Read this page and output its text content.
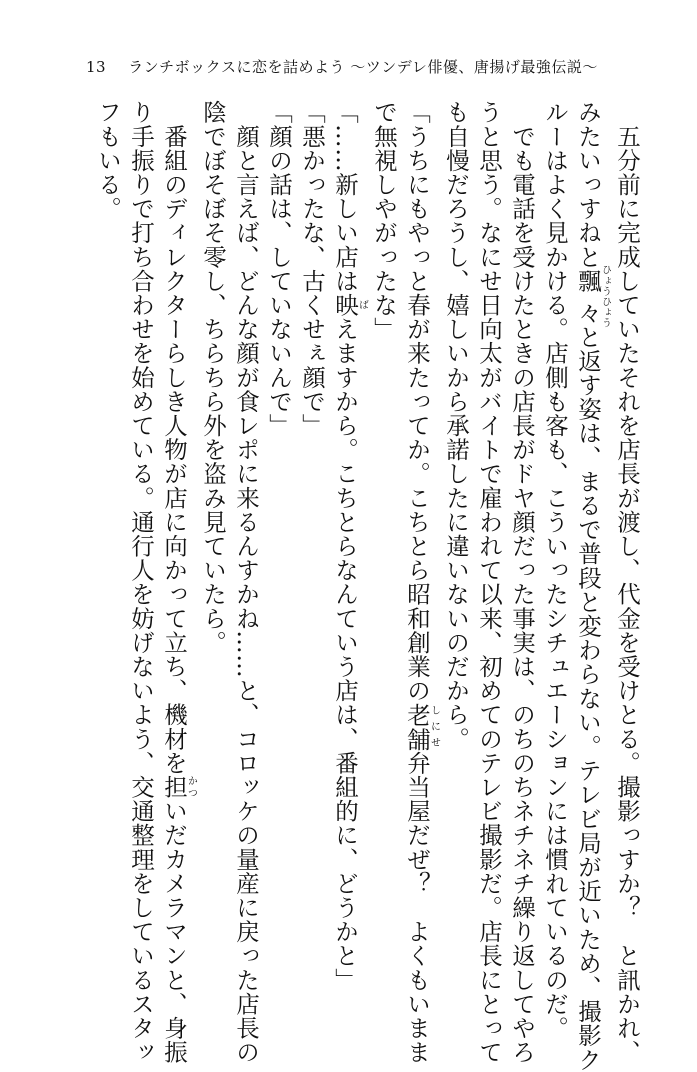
13 ランチボックスに恋を詰めよう 〜ツンデレ俳優、唐揚げ最強伝説〜

　五分前に完成していたそれを店長が渡し、代金を受けとる。撮影っすか？　と訊かれ、

みたいっすねと飄々ひょうひょうと返す姿は、まるで普段と変わらない。テレビ局が近いため、撮影ク

ルーはよく見かける。店側も客も、こういったシチュエーションには慣れているのだ。

　でも電話を受けたときの店長がドヤ顔だった事実は、のちのちネチネチ繰り返してやろ

うと思う。なにせ日向太がバイトで雇われて以来、初めてのテレビ撮影だ。店長にとって

も自慢だろうし、嬉しいから承諾したに違いないのだから。

「うちにもやっと春が来たってか。こちとら昭和創業の老舗しにせ弁当屋だぜ？　よくもいまま

で無視しやがったな」

「……新しい店は映ばえますから。こちとらなんていう店は、番組的に、どうかと」

「悪かったな、古くせぇ顔で」

「顔の話は、していないんで」

　顔と言えば、どんな顔が食レポに来るんすかね……と、コロッケの量産に戻った店長の

陰でぼそぼそ零し、ちらちら外を盗み見ていたら。

　番組のディレクターらしき人物が店に向かって立ち、機材を担かついだカメラマンと、身振

り手振りで打ち合わせを始めている。通行人を妨げないよう、交通整理をしているスタッ

フもいる。
